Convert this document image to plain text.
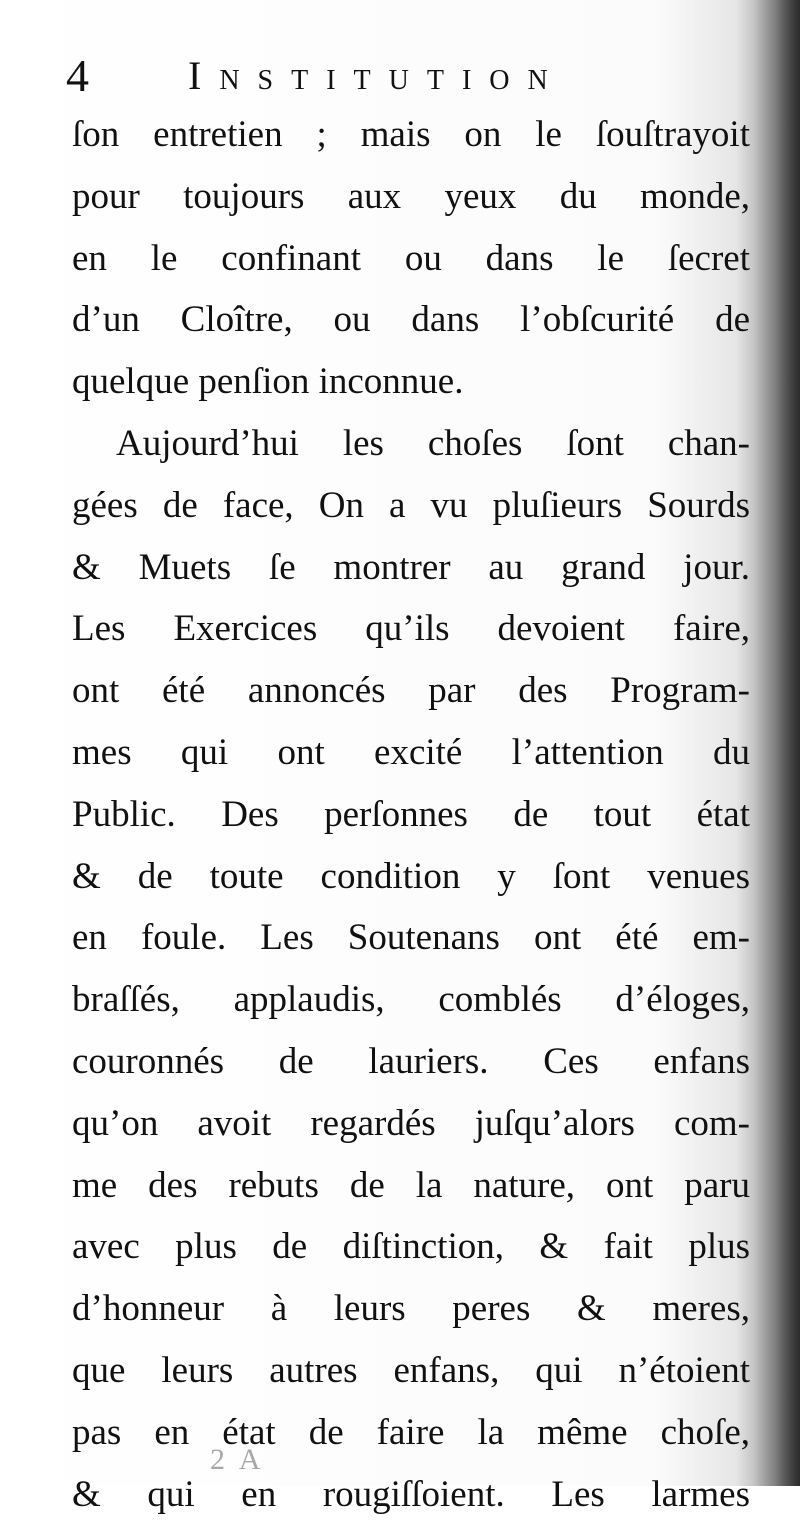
4 Institution
ſon entretien ; mais on le ſouſtrayoit
pour toujours aux yeux du monde,
en le confinant ou dans le ſecret
d’un Cloître, ou dans l’obſcurité de
quelque penſion inconnue.
Aujourd’hui les choſes ſont chan-
gées de face, On a vu pluſieurs Sourds
& Muets ſe montrer au grand jour.
Les Exercices qu’ils devoient faire,
ont été annoncés par des Program-
mes qui ont excité l’attention du
Public. Des perſonnes de tout état
& de toute condition y ſont venues
en foule. Les Soutenans ont été em-
braſſés, applaudis, comblés d’éloges,
couronnés de lauriers. Ces enfans
qu’on avoit regardés juſqu’alors com-
me des rebuts de la nature, ont paru
avec plus de diſtinction, & fait plus
d’honneur à leurs peres & meres,
que leurs autres enfans, qui n’étoient
pas en état de faire la même choſe,
& qui en rougiſſoient. Les larmes
2 A
